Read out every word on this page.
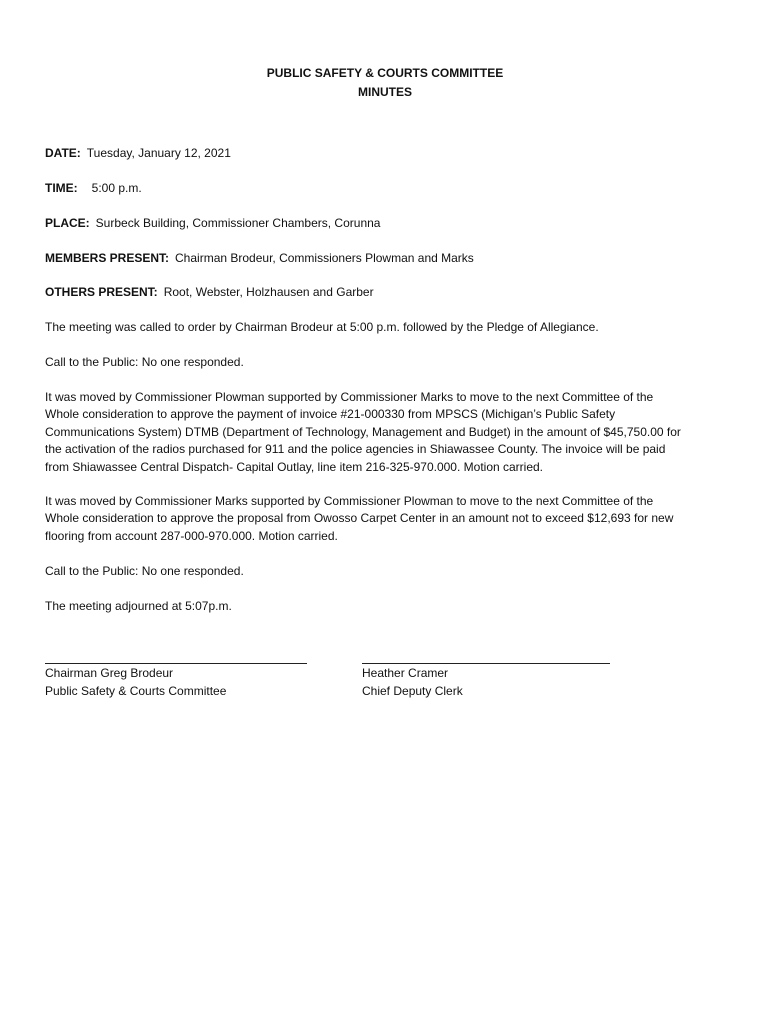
PUBLIC SAFETY & COURTS COMMITTEE
MINUTES
DATE: Tuesday, January 12, 2021
TIME: 5:00 p.m.
PLACE: Surbeck Building, Commissioner Chambers, Corunna
MEMBERS PRESENT: Chairman Brodeur, Commissioners Plowman and Marks
OTHERS PRESENT: Root, Webster, Holzhausen and Garber
The meeting was called to order by Chairman Brodeur at 5:00 p.m. followed by the Pledge of Allegiance.
Call to the Public: No one responded.
It was moved by Commissioner Plowman supported by Commissioner Marks to move to the next Committee of the
Whole consideration to approve the payment of invoice #21-000330 from MPSCS (Michigan’s Public Safety
Communications System) DTMB (Department of Technology, Management and Budget) in the amount of $45,750.00 for
the activation of the radios purchased for 911 and the police agencies in Shiawassee County. The invoice will be paid
from Shiawassee Central Dispatch- Capital Outlay, line item 216-325-970.000. Motion carried.
It was moved by Commissioner Marks supported by Commissioner Plowman to move to the next Committee of the
Whole consideration to approve the proposal from Owosso Carpet Center in an amount not to exceed $12,693 for new
flooring from account 287-000-970.000. Motion carried.
Call to the Public: No one responded.
The meeting adjourned at 5:07p.m.
Chairman Greg Brodeur
Public Safety & Courts Committee
Heather Cramer
Chief Deputy Clerk
